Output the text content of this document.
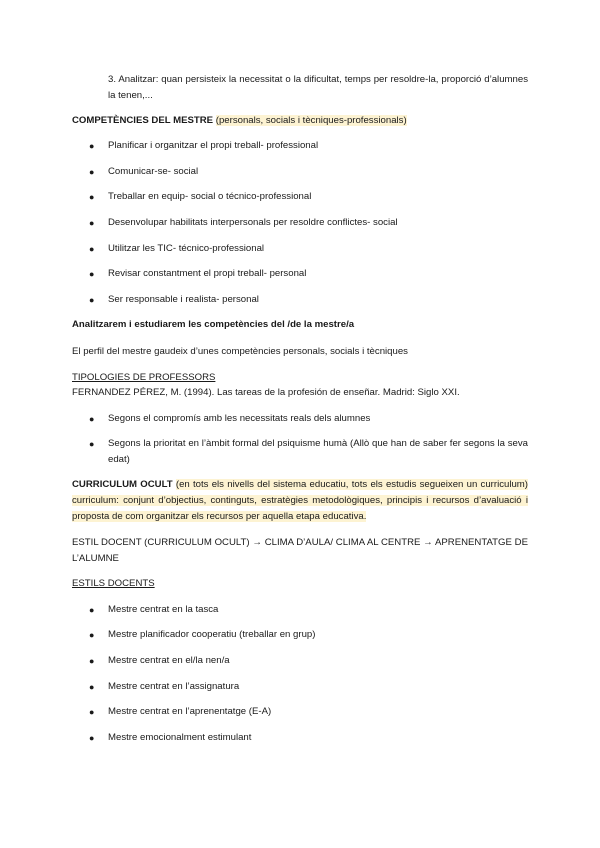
3. Analitzar: quan persisteix la necessitat o la dificultat, temps per resoldre-la, proporció d’alumnes la tenen,...
COMPETÈNCIES DEL MESTRE (personals, socials i tècniques-professionals)
● Planificar i organitzar el propi treball- professional
● Comunicar-se- social
● Treballar en equip- social o técnico-professional
● Desenvolupar habilitats interpersonals per resoldre conflictes- social
● Utilitzar les TIC- técnico-professional
● Revisar constantment el propi treball- personal
● Ser responsable i realista- personal
Analitzarem i estudiarem les competències del /de la mestre/a
El perfil del mestre gaudeix d’unes competències personals, socials i tècniques
TIPOLOGIES DE PROFESSORS
FERNANDEZ PÉREZ, M. (1994). Las tareas de la profesión de enseñar. Madrid: Siglo XXI.
● Segons el compromís amb les necessitats reals dels alumnes
● Segons la prioritat en l’àmbit formal del psiquisme humà (Allò que han de saber fer segons la seva edat)
CURRICULUM OCULT (en tots els nivells del sistema educatiu, tots els estudis segueixen un curriculum) curriculum: conjunt d’objectius, continguts, estratègies metodològiques, principis i recursos d’avaluació i proposta de com organitzar els recursos per aquella etapa educativa.
ESTIL DOCENT (CURRICULUM OCULT) → CLIMA D’AULA/ CLIMA AL CENTRE → APRENENTATGE DE L’ALUMNE
ESTILS DOCENTS
● Mestre centrat en la tasca
● Mestre planificador cooperatiu (treballar en grup)
● Mestre centrat en el/la nen/a
● Mestre centrat en l’assignatura
● Mestre centrat en l’aprenentatge (E-A)
● Mestre emocionalment estimulant
